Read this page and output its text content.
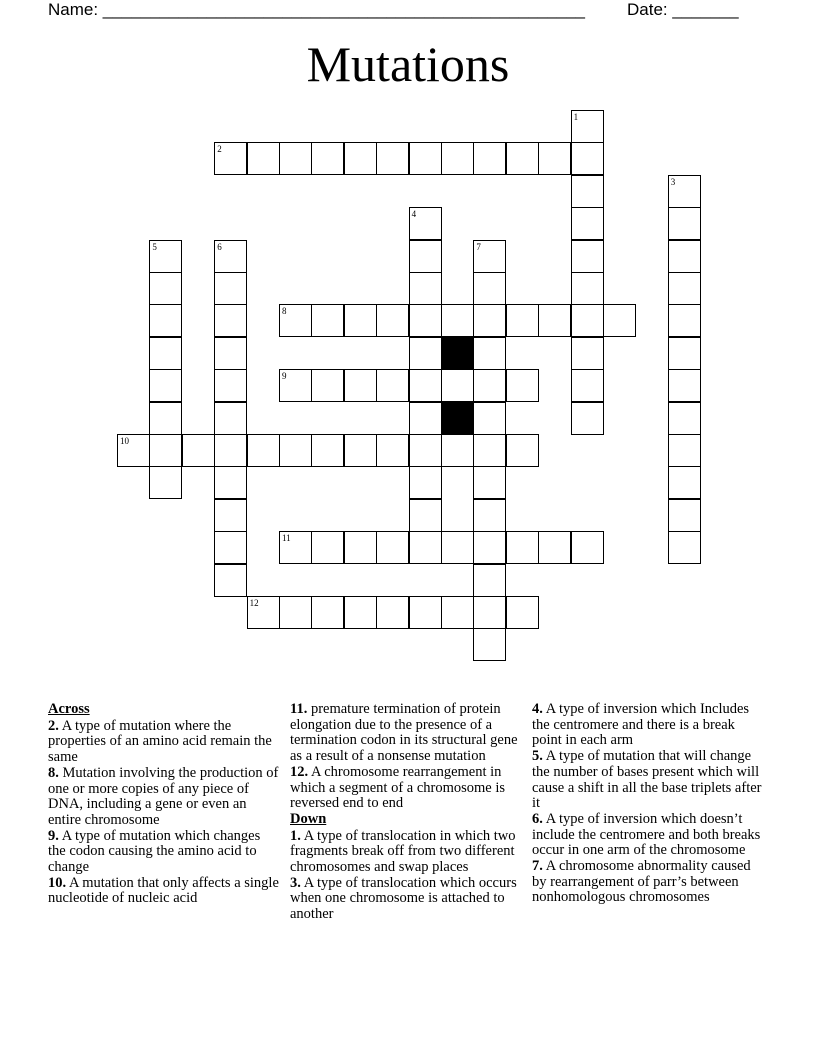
Name: ___________________________________________________ Date: _______
Mutations
1
2
3
4
5	6	7
8
9
10
11
12

Across

2. A type of mutation where the properties of an amino acid remain the same

8. Mutation involving the production of one or more copies of any piece of DNA, including a gene or even an entire chromosome

9. A type of mutation which changes the codon causing the amino acid to change

10. A mutation that only affects a single nucleotide of nucleic acid

11. premature termination of protein elongation due to the presence of a termination codon in its structural gene as a result of a nonsense mutation

12. A chromosome rearrangement in which a segment of a chromosome is reversed end to end

Down

1. A type of translocation in which two fragments break off from two different chromosomes and swap places

3. A type of translocation which occurs when one chromosome is attached to another

4. A type of inversion which Includes the centromere and there is a break point in each arm

5. A type of mutation that will change the number of bases present which will cause a shift in all the base triplets after it

6. A type of inversion which doesn’t include the centromere and both breaks occur in one arm of the chromosome

7. A chromosome abnormality caused by rearrangement of parr’s between nonhomologous chromosomes
